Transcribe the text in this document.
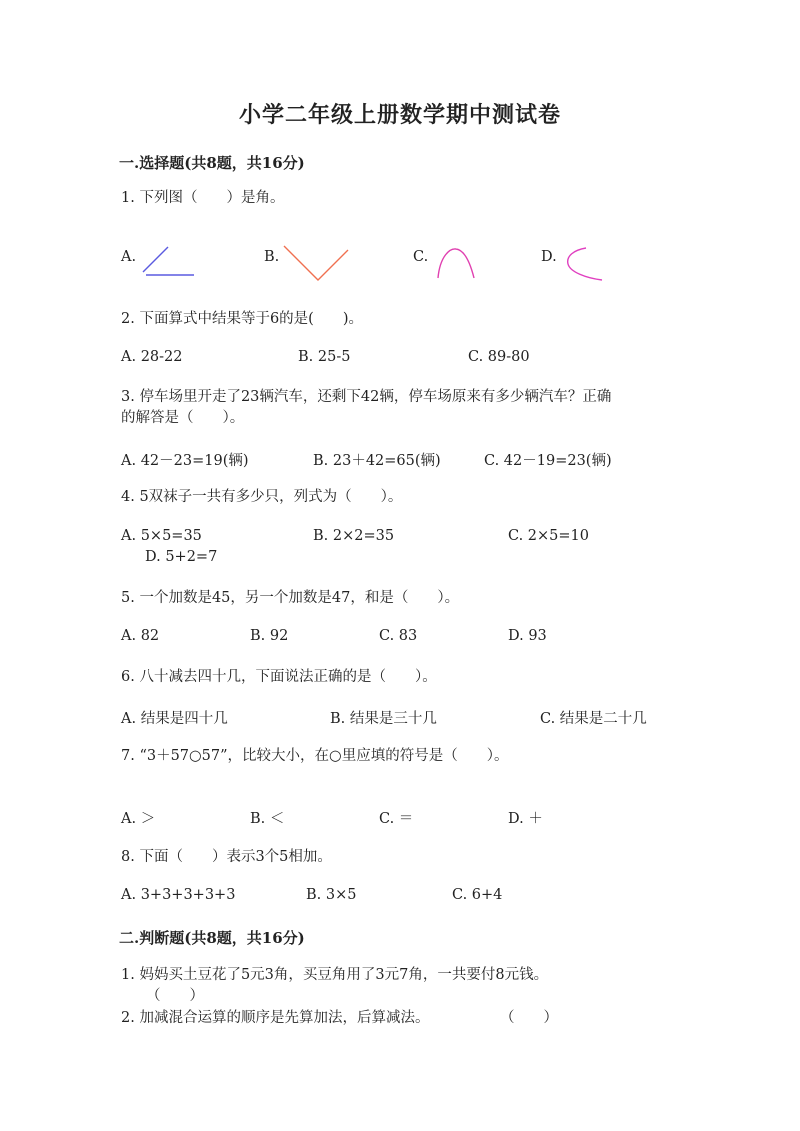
小学二年级上册数学期中测试卷
一.选择题(共8题，共16分)
1. 下列图（　　）是角。
A.	B.	C.	D.
2. 下面算式中结果等于6的是(　　)。
A. 28-22	B. 25-5	C. 89-80
3. 停车场里开走了23辆汽车，还剩下42辆，停车场原来有多少辆汽车？正确
的解答是（　　）。
A. 42－23=19(辆)	B. 23＋42=65(辆)	C. 42－19=23(辆)
4. 5双袜子一共有多少只，列式为（　　）。
A. 5×5=35	B. 2×2=35	C. 2×5=10
D. 5+2=7
5. 一个加数是45，另一个加数是47，和是（　　）。
A. 82	B. 92	C. 83	D. 93
6. 八十减去四十几，下面说法正确的是（　　）。
A. 结果是四十几	B. 结果是三十几	C. 结果是二十几
7. “3＋57○57”，比较大小，在○里应填的符号是（　　）。
A. ＞	B. ＜	C. ＝	D. ＋
8. 下面（　　）表示3个5相加。
A. 3+3+3+3+3	B. 3×5	C. 6+4
二.判断题(共8题，共16分)
1. 妈妈买土豆花了5元3角，买豆角用了3元7角，一共要付8元钱。
（　　）
2. 加减混合运算的顺序是先算加法，后算减法。	（　　）
